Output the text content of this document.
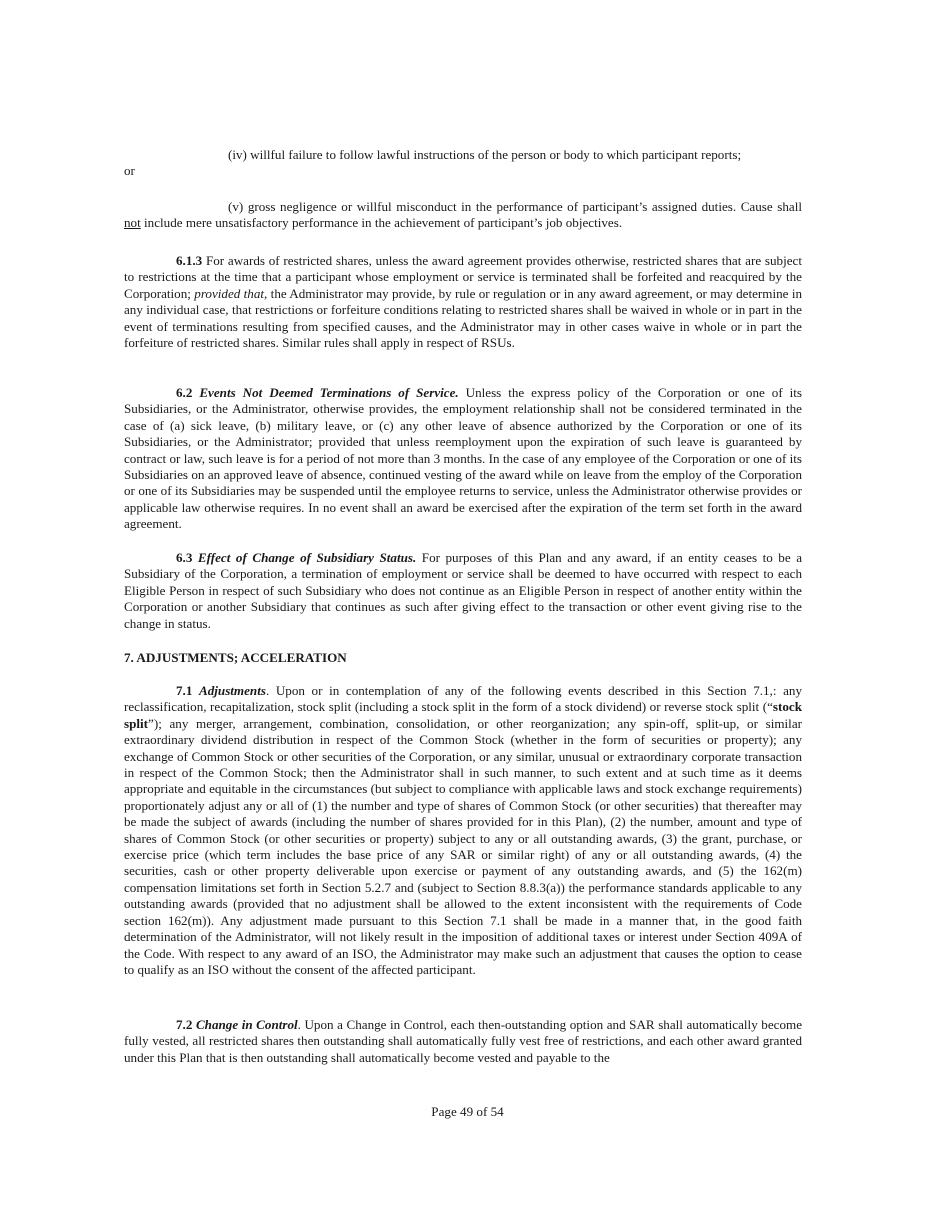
(iv) willful failure to follow lawful instructions of the person or body to which participant reports;

or

(v) gross negligence or willful misconduct in the performance of participant’s assigned duties. Cause shall not include mere unsatisfactory performance in the achievement of participant’s job objectives.

6.1.3 For awards of restricted shares, unless the award agreement provides otherwise, restricted shares that are subject to restrictions at the time that a participant whose employment or service is terminated shall be forfeited and reacquired by the Corporation; provided that, the Administrator may provide, by rule or regulation or in any award agreement, or may determine in any individual case, that restrictions or forfeiture conditions relating to restricted shares shall be waived in whole or in part in the event of terminations resulting from specified causes, and the Administrator may in other cases waive in whole or in part the forfeiture of restricted shares. Similar rules shall apply in respect of RSUs.

6.2 Events Not Deemed Terminations of Service. Unless the express policy of the Corporation or one of its Subsidiaries, or the Administrator, otherwise provides, the employment relationship shall not be considered terminated in the case of (a) sick leave, (b) military leave, or (c) any other leave of absence authorized by the Corporation or one of its Subsidiaries, or the Administrator; provided that unless reemployment upon the expiration of such leave is guaranteed by contract or law, such leave is for a period of not more than 3 months. In the case of any employee of the Corporation or one of its Subsidiaries on an approved leave of absence, continued vesting of the award while on leave from the employ of the Corporation or one of its Subsidiaries may be suspended until the employee returns to service, unless the Administrator otherwise provides or applicable law otherwise requires. In no event shall an award be exercised after the expiration of the term set forth in the award agreement.

6.3 Effect of Change of Subsidiary Status. For purposes of this Plan and any award, if an entity ceases to be a Subsidiary of the Corporation, a termination of employment or service shall be deemed to have occurred with respect to each Eligible Person in respect of such Subsidiary who does not continue as an Eligible Person in respect of another entity within the Corporation or another Subsidiary that continues as such after giving effect to the transaction or other event giving rise to the change in status.

7. ADJUSTMENTS; ACCELERATION

7.1 Adjustments. Upon or in contemplation of any of the following events described in this Section 7.1,: any reclassification, recapitalization, stock split (including a stock split in the form of a stock dividend) or reverse stock split (“stock split”); any merger, arrangement, combination, consolidation, or other reorganization; any spin-off, split-up, or similar extraordinary dividend distribution in respect of the Common Stock (whether in the form of securities or property); any exchange of Common Stock or other securities of the Corporation, or any similar, unusual or extraordinary corporate transaction in respect of the Common Stock; then the Administrator shall in such manner, to such extent and at such time as it deems appropriate and equitable in the circumstances (but subject to compliance with applicable laws and stock exchange requirements) proportionately adjust any or all of (1) the number and type of shares of Common Stock (or other securities) that thereafter may be made the subject of awards (including the number of shares provided for in this Plan), (2) the number, amount and type of shares of Common Stock (or other securities or property) subject to any or all outstanding awards, (3) the grant, purchase, or exercise price (which term includes the base price of any SAR or similar right) of any or all outstanding awards, (4) the securities, cash or other property deliverable upon exercise or payment of any outstanding awards, and (5) the 162(m) compensation limitations set forth in Section 5.2.7 and (subject to Section 8.8.3(a)) the performance standards applicable to any outstanding awards (provided that no adjustment shall be allowed to the extent inconsistent with the requirements of Code section 162(m)). Any adjustment made pursuant to this Section 7.1 shall be made in a manner that, in the good faith determination of the Administrator, will not likely result in the imposition of additional taxes or interest under Section 409A of the Code. With respect to any award of an ISO, the Administrator may make such an adjustment that causes the option to cease to qualify as an ISO without the consent of the affected participant.

7.2 Change in Control. Upon a Change in Control, each then-outstanding option and SAR shall automatically become fully vested, all restricted shares then outstanding shall automatically fully vest free of restrictions, and each other award granted under this Plan that is then outstanding shall automatically become vested and payable to the

Page 49 of 54
